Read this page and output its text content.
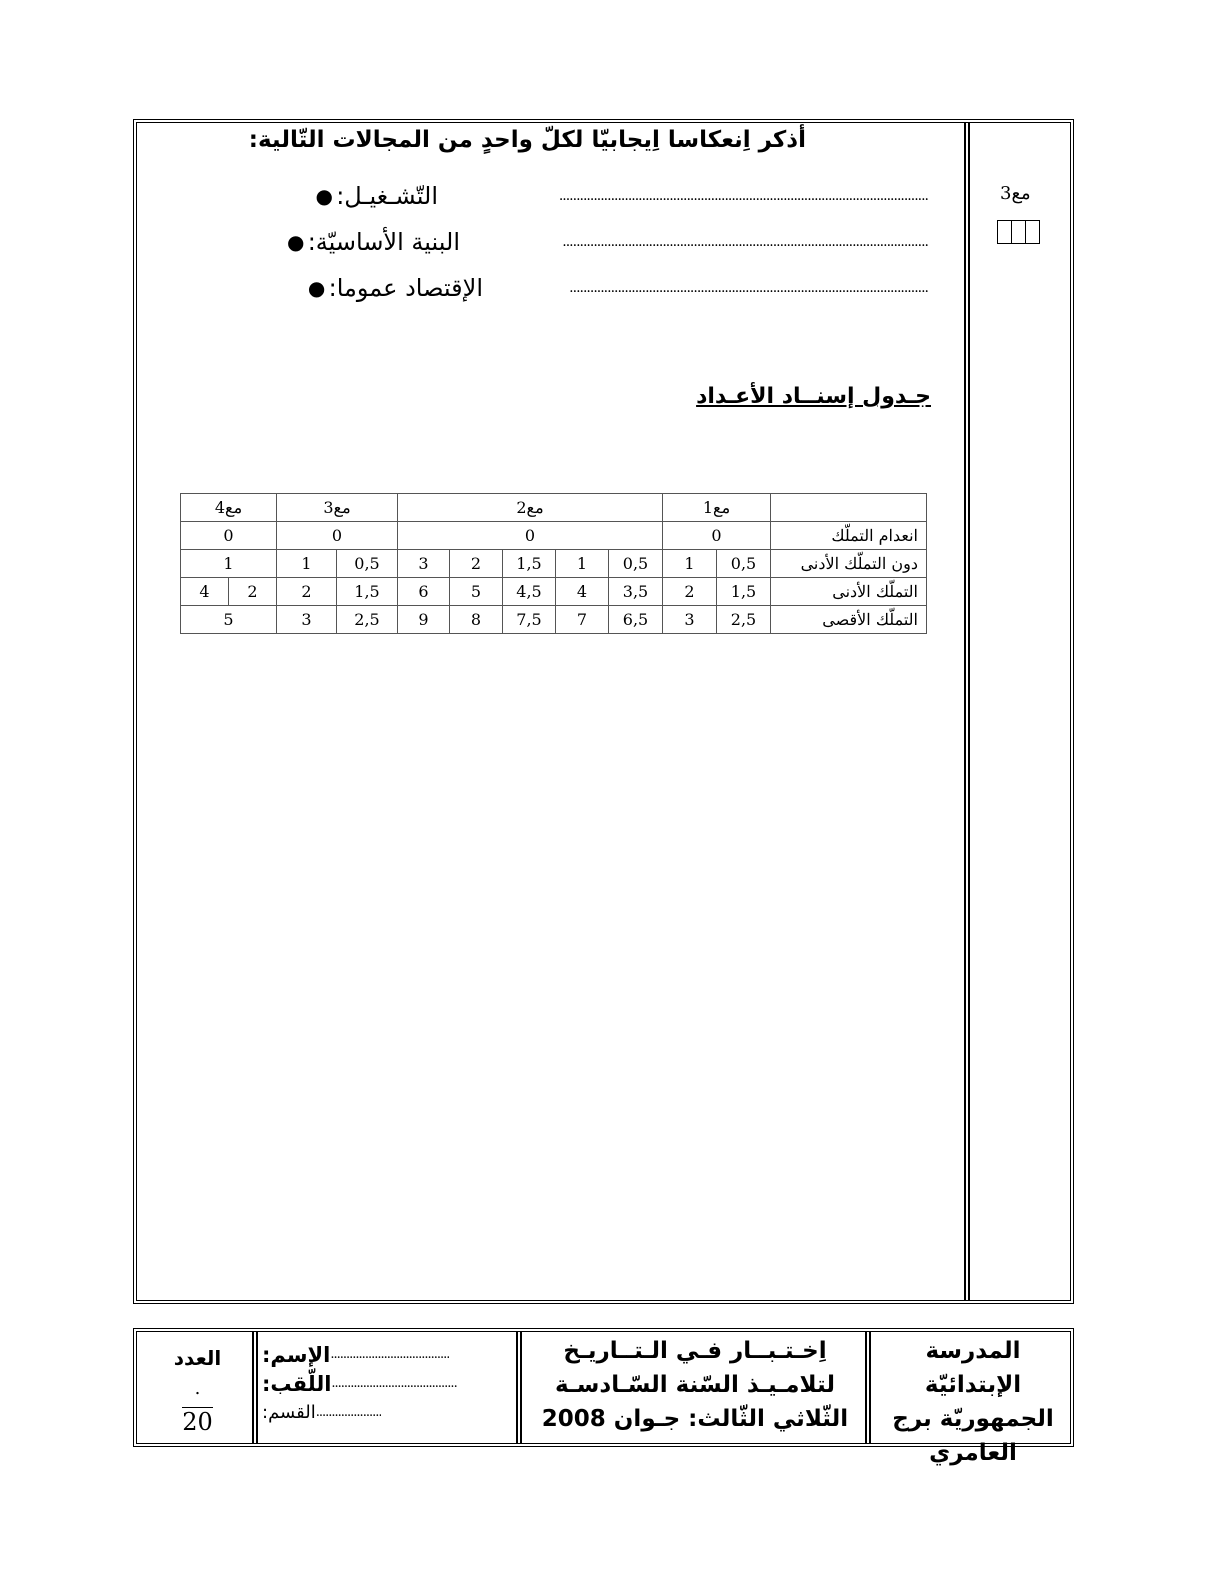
أذكر اِنعكاسا اِيجابيّا لكلّ واحدٍ من المجالات التّالية:
● التّشـغيـل:	...........................................................................................................
● البنية الأساسيّة:	..........................................................................................................
● الإقتصاد عموما:	........................................................................................................
مع3
جـدول إسنــاد الأعـداد
مع4		مع3		مع2					مع1		
0		0		0					0		انعدام التملّك
1		1	0,5	3	2	1,5	1	0,5	1	0,5	دون التملّك الأدنى
4	2	2	1,5	6	5	4,5	4	3,5	2	1,5	التملّك الأدنى
5		3	2,5	9	8	7,5	7	6,5	3	2,5	التملّك الأقصى
المدرسة الإبتدائيّة
الجمهوريّة برج
العامري
اِخـتـبــار فـي الـتــاريـخ
لتلامـيـذ السّنة السّـادسـة
الثّلاثي الثّالث: جـوان 2008
الإسم: ......................................
اللّقب: ........................................
القسم: .....................
العدد
.
20
